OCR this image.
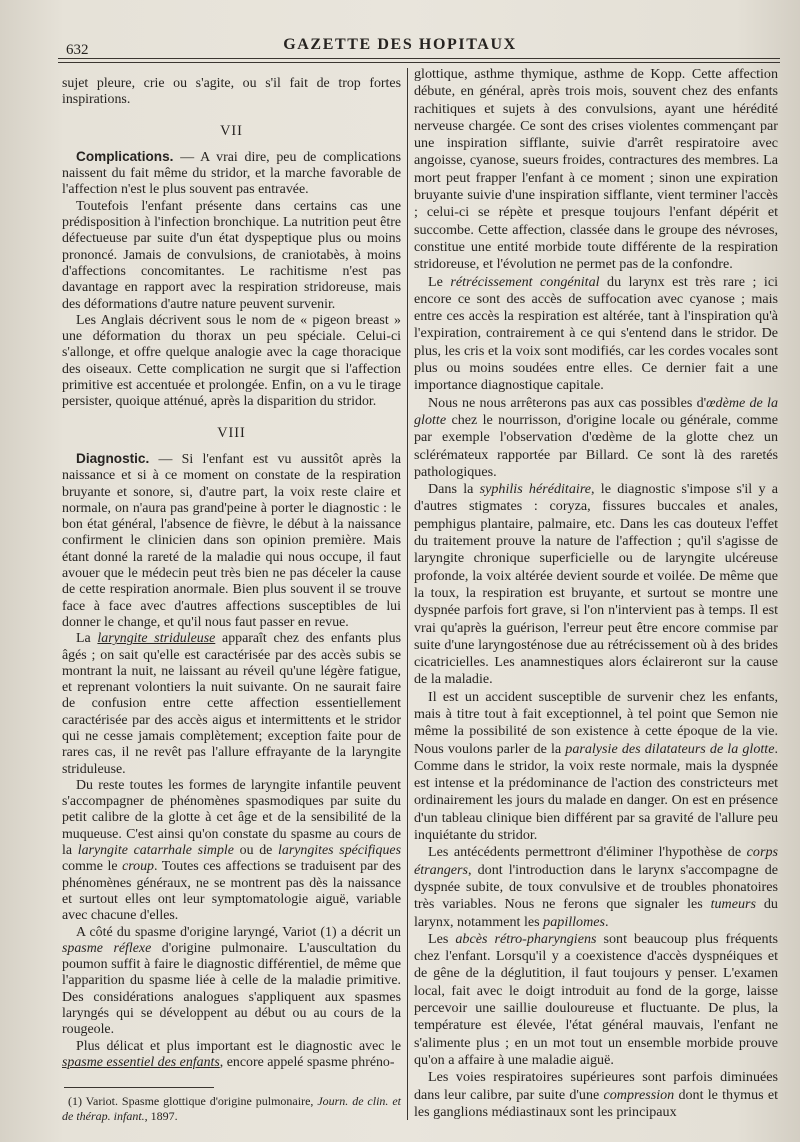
632	GAZETTE DES HOPITAUX

sujet pleure, crie ou s'agite, ou s'il fait de trop fortes inspirations.

VII

Complications. — A vrai dire, peu de complications naissent du fait même du stridor, et la marche favorable de l'affection n'est le plus souvent pas entravée.

Toutefois l'enfant présente dans certains cas une prédisposition à l'infection bronchique. La nutrition peut être défectueuse par suite d'un état dyspeptique plus ou moins prononcé. Jamais de convulsions, de craniotabès, à moins d'affections concomitantes. Le rachitisme n'est pas davantage en rapport avec la respiration stridoreuse, mais des déformations d'autre nature peuvent survenir.

Les Anglais décrivent sous le nom de « pigeon breast » une déformation du thorax un peu spéciale. Celui-ci s'allonge, et offre quelque analogie avec la cage thoracique des oiseaux. Cette complication ne surgit que si l'affection primitive est accentuée et prolongée. Enfin, on a vu le tirage persister, quoique atténué, après la disparition du stridor.

VIII

Diagnostic. — Si l'enfant est vu aussitôt après la naissance et si à ce moment on constate de la respiration bruyante et sonore, si, d'autre part, la voix reste claire et normale, on n'aura pas grand'peine à porter le diagnostic : le bon état général, l'absence de fièvre, le début à la naissance confirment le clinicien dans son opinion première. Mais étant donné la rareté de la maladie qui nous occupe, il faut avouer que le médecin peut très bien ne pas déceler la cause de cette respiration anormale. Bien plus souvent il se trouve face à face avec d'autres affections susceptibles de lui donner le change, et qu'il nous faut passer en revue.

La laryngite striduleuse apparaît chez des enfants plus âgés ; on sait qu'elle est caractérisée par des accès subis se montrant la nuit, ne laissant au réveil qu'une légère fatigue, et reprenant volontiers la nuit suivante. On ne saurait faire de confusion entre cette affection essentiellement caractérisée par des accès aigus et intermittents et le stridor qui ne cesse jamais complètement; exception faite pour de rares cas, il ne revêt pas l'allure effrayante de la laryngite striduleuse.

Du reste toutes les formes de laryngite infantile peuvent s'accompagner de phénomènes spasmodiques par suite du petit calibre de la glotte à cet âge et de la sensibilité de la muqueuse. C'est ainsi qu'on constate du spasme au cours de la laryngite catarrhale simple ou de laryngites spécifiques comme le croup. Toutes ces affections se traduisent par des phénomènes généraux, ne se montrent pas dès la naissance et surtout elles ont leur symptomatologie aiguë, variable avec chacune d'elles.

A côté du spasme d'origine laryngé, Variot (1) a décrit un spasme réflexe d'origine pulmonaire. L'auscultation du poumon suffit à faire le diagnostic différentiel, de même que l'apparition du spasme liée à celle de la maladie primitive. Des considérations analogues s'appliquent aux spasmes laryngés qui se développent au début ou au cours de la rougeole.

Plus délicat et plus important est le diagnostic avec le spasme essentiel des enfants, encore appelé spasme phréno-

(1) Variot. Spasme glottique d'origine pulmonaire, Journ. de clin. et de thérap. infant., 1897.

glottique, asthme thymique, asthme de Kopp. Cette affection débute, en général, après trois mois, souvent chez des enfants rachitiques et sujets à des convulsions, ayant une hérédité nerveuse chargée. Ce sont des crises violentes commençant par une inspiration sifflante, suivie d'arrêt respiratoire avec angoisse, cyanose, sueurs froides, contractures des membres. La mort peut frapper l'enfant à ce moment ; sinon une expiration bruyante suivie d'une inspiration sifflante, vient terminer l'accès ; celui-ci se répète et presque toujours l'enfant dépérit et succombe. Cette affection, classée dans le groupe des névroses, constitue une entité morbide toute différente de la respiration stridoreuse, et l'évolution ne permet pas de la confondre.

Le rétrécissement congénital du larynx est très rare ; ici encore ce sont des accès de suffocation avec cyanose ; mais entre ces accès la respiration est altérée, tant à l'inspiration qu'à l'expiration, contrairement à ce qui s'entend dans le stridor. De plus, les cris et la voix sont modifiés, car les cordes vocales sont plus ou moins soudées entre elles. Ce dernier fait a une importance diagnostique capitale.

Nous ne nous arrêterons pas aux cas possibles d'œdème de la glotte chez le nourrisson, d'origine locale ou générale, comme par exemple l'observation d'œdème de la glotte chez un sclérémateux rapportée par Billard. Ce sont là des raretés pathologiques.

Dans la syphilis héréditaire, le diagnostic s'impose s'il y a d'autres stigmates : coryza, fissures buccales et anales, pemphigus plantaire, palmaire, etc. Dans les cas douteux l'effet du traitement prouve la nature de l'affection ; qu'il s'agisse de laryngite chronique superficielle ou de laryngite ulcéreuse profonde, la voix altérée devient sourde et voilée. De même que la toux, la respiration est bruyante, et surtout se montre une dyspnée parfois fort grave, si l'on n'intervient pas à temps. Il est vrai qu'après la guérison, l'erreur peut être encore commise par suite d'une laryngosténose due au rétrécissement où à des brides cicatricielles. Les anamnestiques alors éclaireront sur la cause de la maladie.

Il est un accident susceptible de survenir chez les enfants, mais à titre tout à fait exceptionnel, à tel point que Semon nie même la possibilité de son existence à cette époque de la vie. Nous voulons parler de la paralysie des dilatateurs de la glotte. Comme dans le stridor, la voix reste normale, mais la dyspnée est intense et la prédominance de l'action des constricteurs met ordinairement les jours du malade en danger. On est en présence d'un tableau clinique bien différent par sa gravité de l'allure peu inquiétante du stridor.

Les antécédents permettront d'éliminer l'hypothèse de corps étrangers, dont l'introduction dans le larynx s'accompagne de dyspnée subite, de toux convulsive et de troubles phonatoires très variables. Nous ne ferons que signaler les tumeurs du larynx, notamment les papillomes.

Les abcès rétro-pharyngiens sont beaucoup plus fréquents chez l'enfant. Lorsqu'il y a coexistence d'accès dyspnéiques et de gêne de la déglutition, il faut toujours y penser. L'examen local, fait avec le doigt introduit au fond de la gorge, laisse percevoir une saillie douloureuse et fluctuante. De plus, la température est élevée, l'état général mauvais, l'enfant ne s'alimente plus ; en un mot tout un ensemble morbide prouve qu'on a affaire à une maladie aiguë.

Les voies respiratoires supérieures sont parfois diminuées dans leur calibre, par suite d'une compression dont le thymus et les ganglions médiastinaux sont les principaux
